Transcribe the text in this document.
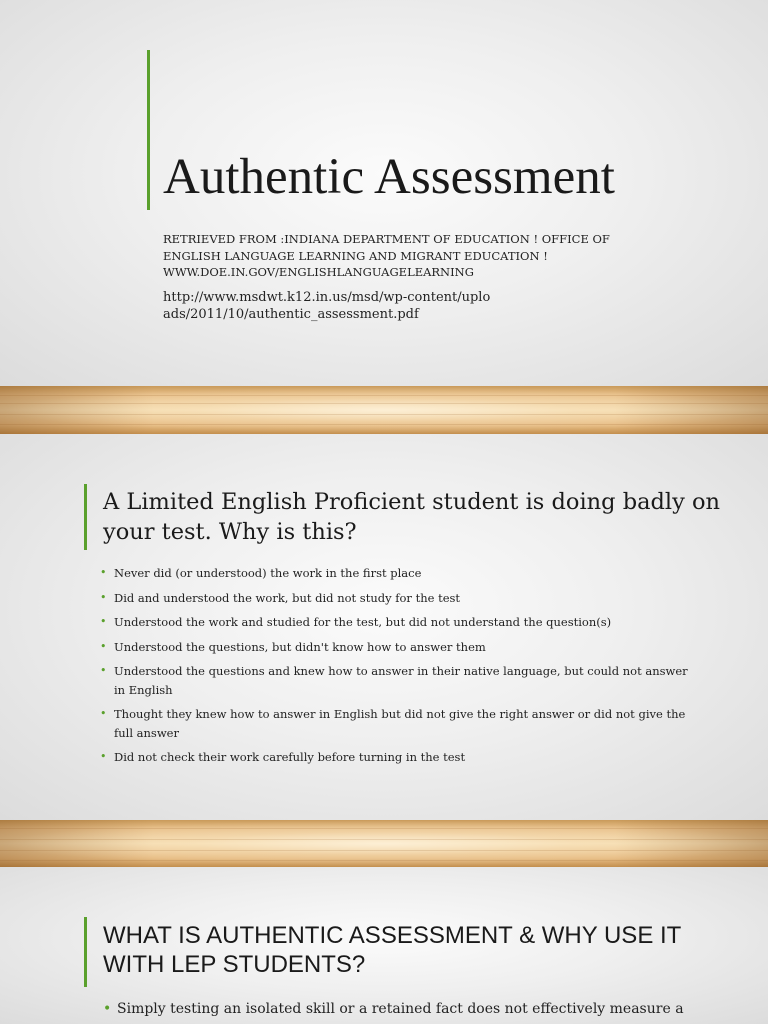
Authentic Assessment

RETRIEVED FROM :INDIANA DEPARTMENT OF EDUCATION ! OFFICE OF ENGLISH LANGUAGE LEARNING AND MIGRANT EDUCATION ! WWW.DOE.IN.GOV/ENGLISHLANGUAGELEARNING

http://www.msdwt.k12.in.us/msd/wp-content/uploads/2011/10/authentic_assessment.pdf

A Limited English Proficient student is doing badly on your test. Why is this?
• Never did (or understood) the work in the first place
• Did and understood the work, but did not study for the test
• Understood the work and studied for the test, but did not understand the question(s)
• Understood the questions, but didn't know how to answer them
• Understood the questions and knew how to answer in their native language, but could not answer in English
• Thought they knew how to answer in English but did not give the right answer or did not give the full answer
• Did not check their work carefully before turning in the test
WHAT IS AUTHENTIC ASSESSMENT & WHY USE IT WITH LEP STUDENTS?
• Simply testing an isolated skill or a retained fact does not effectively measure a
